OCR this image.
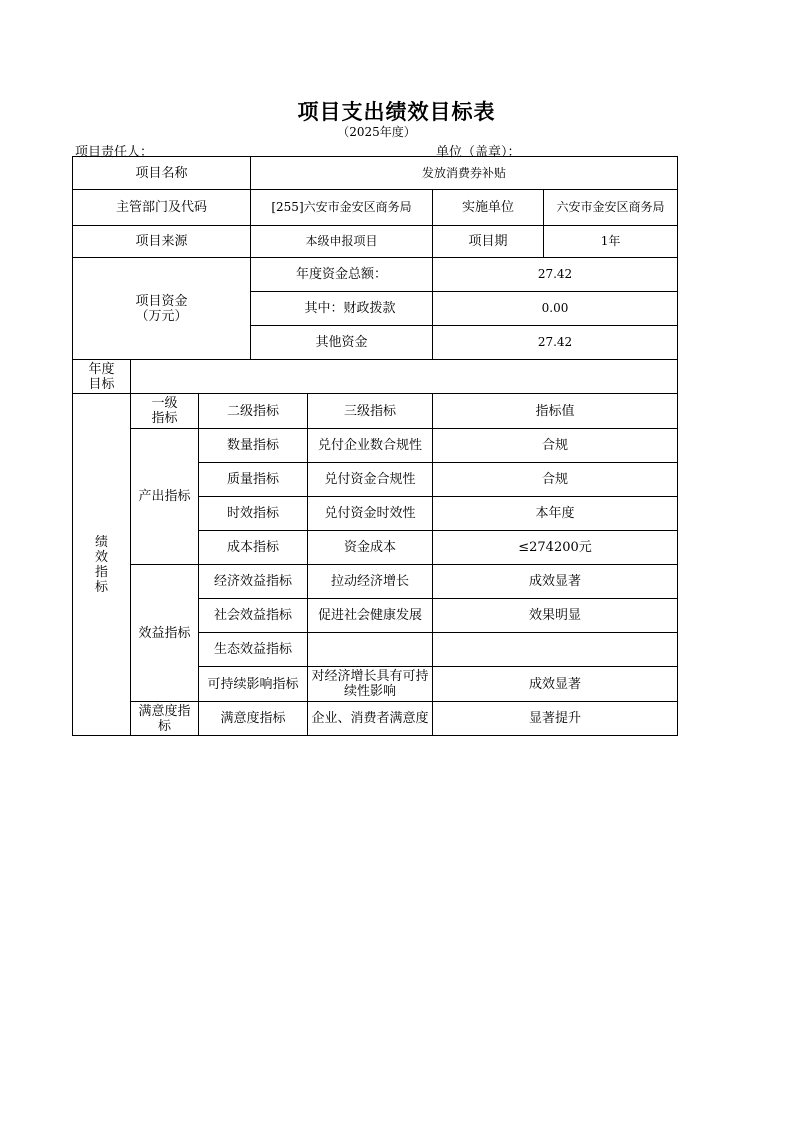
项目支出绩效目标表
（2025年度）
项目责任人：	单位（盖章）：
项目名称			发放消费券补贴			
主管部门及代码			[255]六安市金安区商务局		实施单位	六安市金安区商务局
项目来源			本级申报项目		项目期	1年

项目资金
（万元）			年度资金总额：		27.42	
			其中：财政拨款		0.00	
			其他资金		27.42	

年度
目标						

绩效指标	一级
指标	二级指标		三级指标	指标值	
	产出指标	数量指标		兑付企业数合规性	合规	
		质量指标		兑付资金合规性	合规	
		时效指标		兑付资金时效性	本年度	
		成本指标		资金成本	≤274200元	
	效益指标	经济效益指标		拉动经济增长	成效显著	
		社会效益指标		促进社会健康发展	效果明显	
		生态效益指标				
		可持续影响指标		对经济增长具有可持续性影响	成效显著	

	满意度指
标	满意度指标		企业、消费者满意度	显著提升	
